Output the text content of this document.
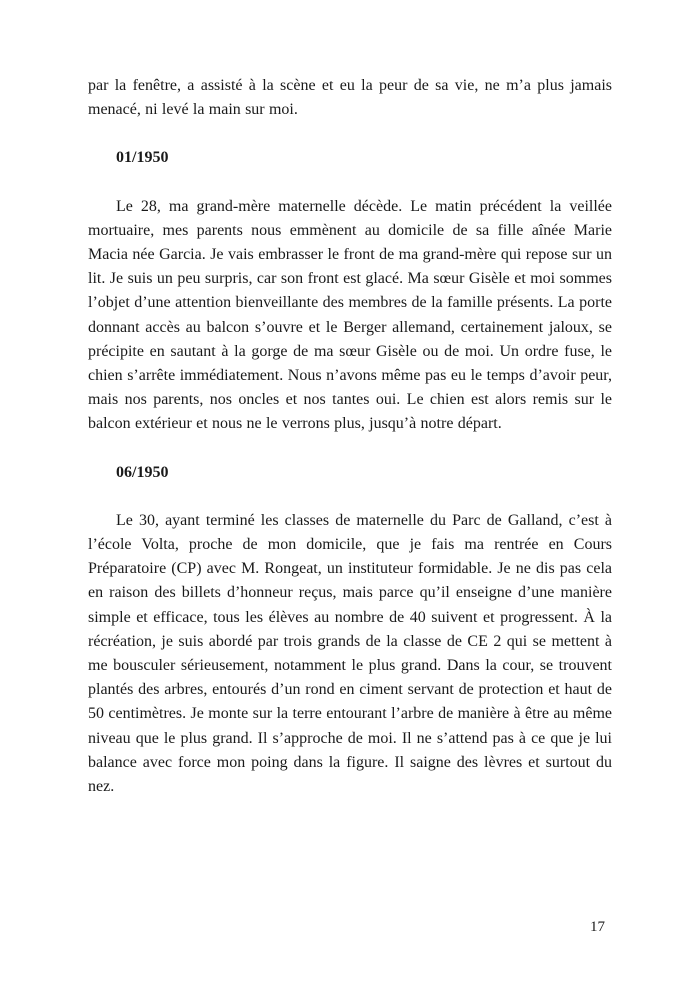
par la fenêtre, a assisté à la scène et eu la peur de sa vie, ne m’a plus jamais menacé, ni levé la main sur moi.

01/1950

Le 28, ma grand-mère maternelle décède. Le matin précédent la veillée mortuaire, mes parents nous emmènent au domicile de sa fille aînée Marie Macia née Garcia. Je vais embrasser le front de ma grand-mère qui repose sur un lit. Je suis un peu surpris, car son front est glacé. Ma sœur Gisèle et moi sommes l’objet d’une attention bienveillante des membres de la famille présents. La porte donnant accès au balcon s’ouvre et le Berger allemand, certainement jaloux, se précipite en sautant à la gorge de ma sœur Gisèle ou de moi. Un ordre fuse, le chien s’arrête immédiatement. Nous n’avons même pas eu le temps d’avoir peur, mais nos parents, nos oncles et nos tantes oui. Le chien est alors remis sur le balcon extérieur et nous ne le verrons plus, jusqu’à notre départ.

06/1950

Le 30, ayant terminé les classes de maternelle du Parc de Galland, c’est à l’école Volta, proche de mon domicile, que je fais ma rentrée en Cours Préparatoire (CP) avec M. Rongeat, un instituteur formidable. Je ne dis pas cela en raison des billets d’honneur reçus, mais parce qu’il enseigne d’une manière simple et efficace, tous les élèves au nombre de 40 suivent et progressent. À la récréation, je suis abordé par trois grands de la classe de CE 2 qui se mettent à me bousculer sérieusement, notamment le plus grand. Dans la cour, se trouvent plantés des arbres, entourés d’un rond en ciment servant de protection et haut de 50 centimètres. Je monte sur la terre entourant l’arbre de manière à être au même niveau que le plus grand. Il s’approche de moi. Il ne s’attend pas à ce que je lui balance avec force mon poing dans la figure. Il saigne des lèvres et surtout du nez.

17
